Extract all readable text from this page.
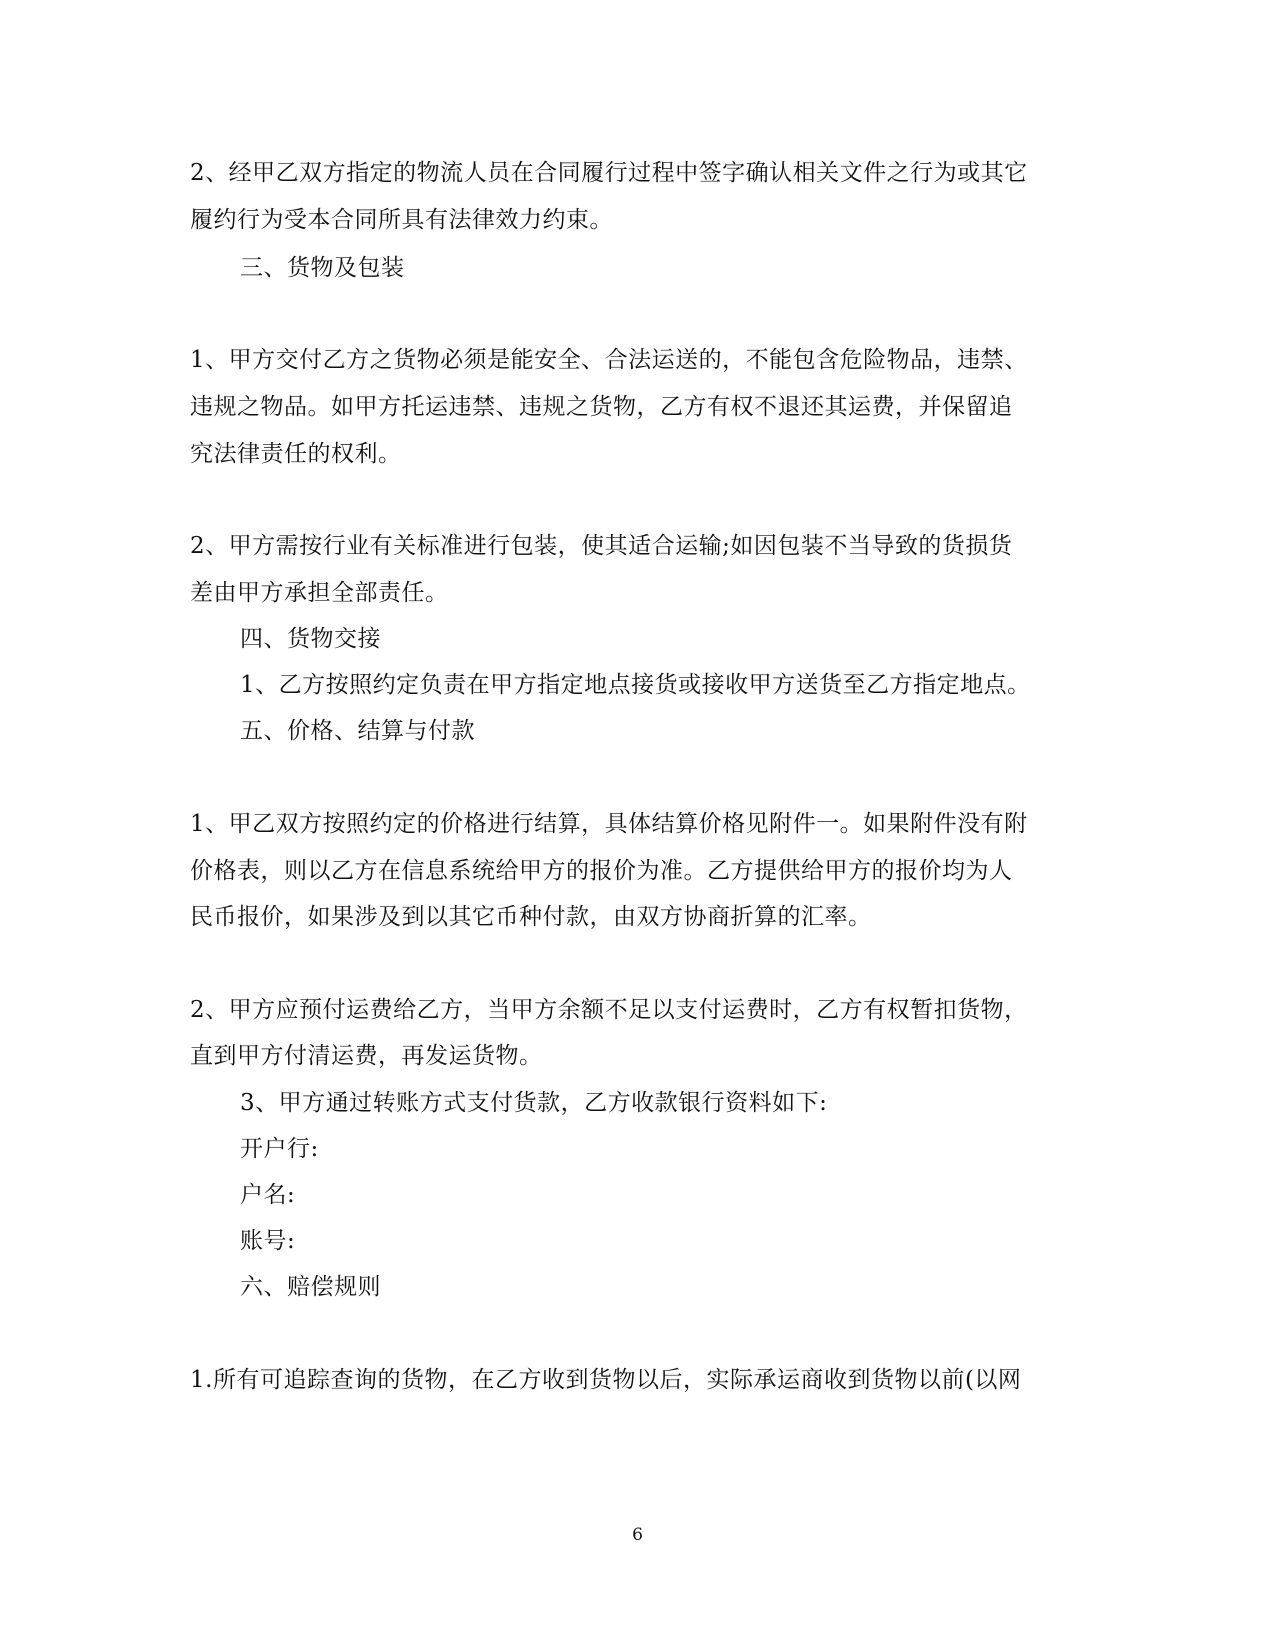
2、经甲乙双方指定的物流人员在合同履行过程中签字确认相关文件之行为或其它
履约行为受本合同所具有法律效力约束。
三、货物及包装
1、甲方交付乙方之货物必须是能安全、合法运送的，不能包含危险物品，违禁、
违规之物品。如甲方托运违禁、违规之货物，乙方有权不退还其运费，并保留追
究法律责任的权利。
2、甲方需按行业有关标准进行包装，使其适合运输;如因包装不当导致的货损货
差由甲方承担全部责任。
四、货物交接
1、乙方按照约定负责在甲方指定地点接货或接收甲方送货至乙方指定地点。
五、价格、结算与付款
1、甲乙双方按照约定的价格进行结算，具体结算价格见附件一。如果附件没有附
价格表，则以乙方在信息系统给甲方的报价为准。乙方提供给甲方的报价均为人
民币报价，如果涉及到以其它币种付款，由双方协商折算的汇率。
2、甲方应预付运费给乙方，当甲方余额不足以支付运费时，乙方有权暂扣货物，
直到甲方付清运费，再发运货物。
3、甲方通过转账方式支付货款，乙方收款银行资料如下:
开户行:
户名:
账号:
六、赔偿规则
1.所有可追踪查询的货物，在乙方收到货物以后，实际承运商收到货物以前(以网
6
